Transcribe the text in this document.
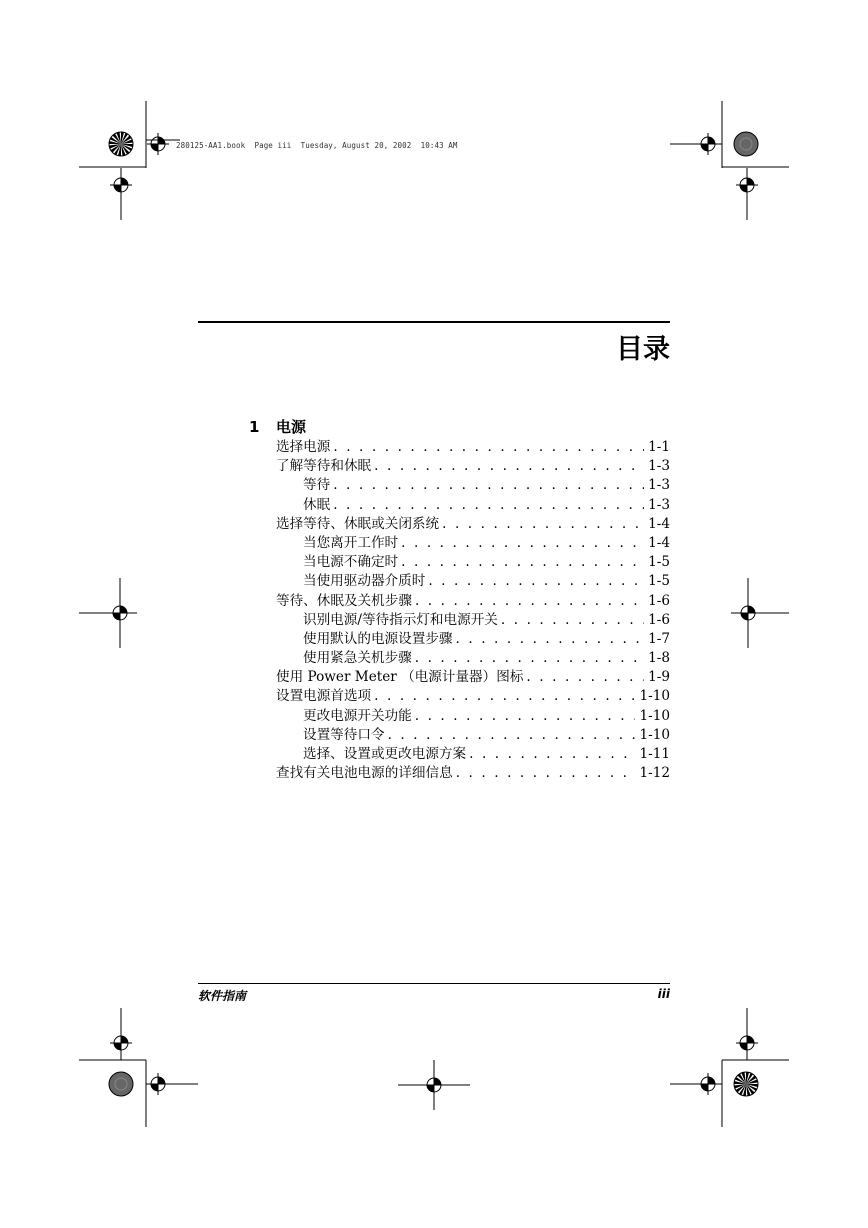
280125-AA1.book  Page iii  Tuesday, August 20, 2002  10:43 AM
目录
1 电源
选择电源 . . .	1-1
了解等待和休眠 . . .	1-3
等待 . . .	1-3
休眠 . . .	1-3
选择等待、休眠或关闭系统 . . .	1-4
当您离开工作时 . . .	1-4
当电源不确定时 . . .	1-5
当使用驱动器介质时 . . .	1-5
等待、休眠及关机步骤 . . .	1-6
识别电源/等待指示灯和电源开关 . . .	1-6
使用默认的电源设置步骤 . . .	1-7
使用紧急关机步骤 . . .	1-8
使用 Power Meter （电源计量器）图标 . . .	1-9
设置电源首选项 . . .	1-10
更改电源开关功能 . . .	1-10
设置等待口令 . . .	1-10
选择、设置或更改电源方案 . . .	1-11
查找有关电池电源的详细信息 . . .	1-12
软件指南	iii
